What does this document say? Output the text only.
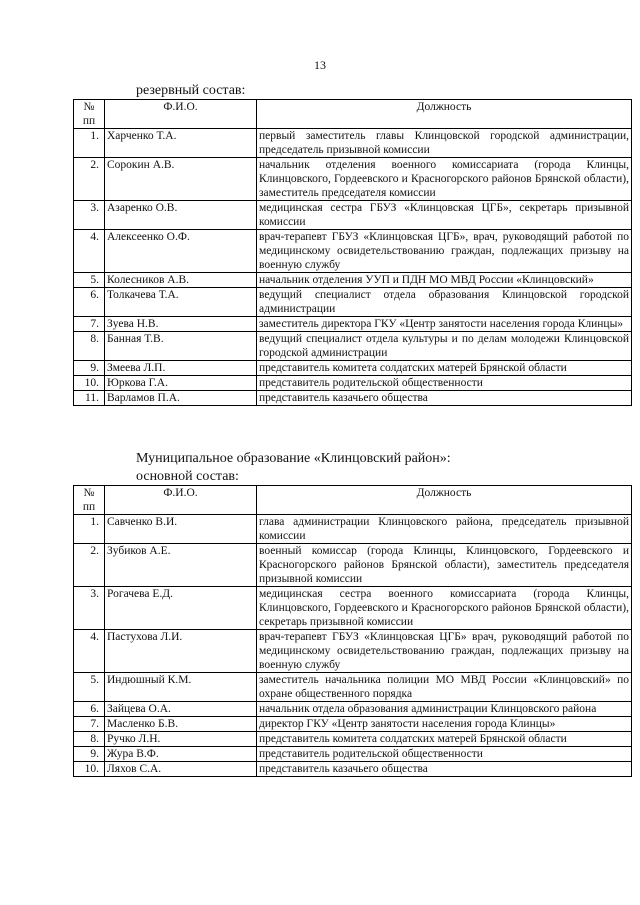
13
резервный состав:
№ пп	Ф.И.О.	Должность
1.	Харченко Т.А.	первый заместитель главы Клинцовской городской администрации, председатель призывной комиссии
2.	Сорокин А.В.	начальник отделения военного комиссариата (города Клинцы, Клинцовского, Гордеевского и Красногорского районов Брянской области), заместитель председателя комиссии
3.	Азаренко О.В.	медицинская сестра ГБУЗ «Клинцовская ЦГБ», секретарь призывной комиссии
4.	Алексеенко О.Ф.	врач-терапевт ГБУЗ «Клинцовская ЦГБ», врач, руководящий работой по медицинскому освидетельствованию граждан, подлежащих призыву на военную службу
5.	Колесников А.В.	начальник отделения УУП и ПДН МО МВД России «Клинцовский»
6.	Толкачева Т.А.	ведущий специалист отдела образования Клинцовской городской администрации
7.	Зуева Н.В.	заместитель директора ГКУ «Центр занятости населения города Клинцы»
8.	Банная Т.В.	ведущий специалист отдела культуры и по делам молодежи Клинцовской городской администрации
9.	Змеева Л.П.	представитель комитета солдатских матерей Брянской области
10.	Юркова Г.А.	представитель родительской общественности
11.	Варламов П.А.	представитель казачьего общества
Муниципальное образование «Клинцовский район»:
основной состав:
№ пп	Ф.И.О.	Должность
1.	Савченко В.И.	глава администрации Клинцовского района, председатель призывной комиссии
2.	Зубиков А.Е.	военный комиссар (города Клинцы, Клинцовского, Гордеевского и Красногорского районов Брянской области), заместитель председателя призывной комиссии
3.	Рогачева Е.Д.	медицинская сестра военного комиссариата (города Клинцы, Клинцовского, Гордеевского и Красногорского районов Брянской области), секретарь призывной комиссии
4.	Пастухова Л.И.	врач-терапевт ГБУЗ «Клинцовская ЦГБ» врач, руководящий работой по медицинскому освидетельствованию граждан, подлежащих призыву на военную службу
5.	Индюшный К.М.	заместитель начальника полиции МО МВД России «Клинцовский» по охране общественного порядка
6.	Зайцева О.А.	начальник отдела образования администрации Клинцовского района
7.	Масленко Б.В.	директор ГКУ «Центр занятости населения города Клинцы»
8.	Ручко Л.Н.	представитель комитета солдатских матерей Брянской области
9.	Жура В.Ф.	представитель родительской общественности
10.	Ляхов С.А.	представитель казачьего общества
